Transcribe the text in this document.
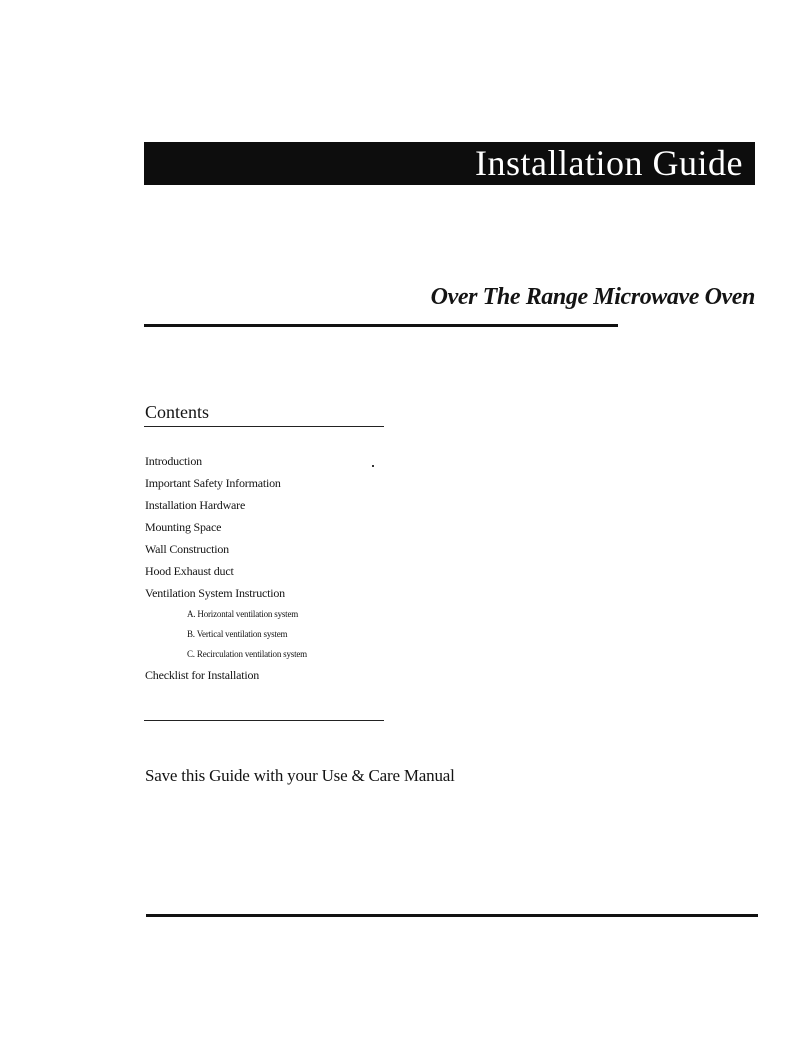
Installation Guide
Over The Range Microwave Oven
Contents
Introduction
Important Safety Information
Installation Hardware
Mounting Space
Wall Construction
Hood Exhaust duct
Ventilation System Instruction
A. Horizontal ventilation system
B. Vertical ventilation system
C. Recirculation ventilation system
Checklist for Installation
Save this Guide with your Use & Care Manual
